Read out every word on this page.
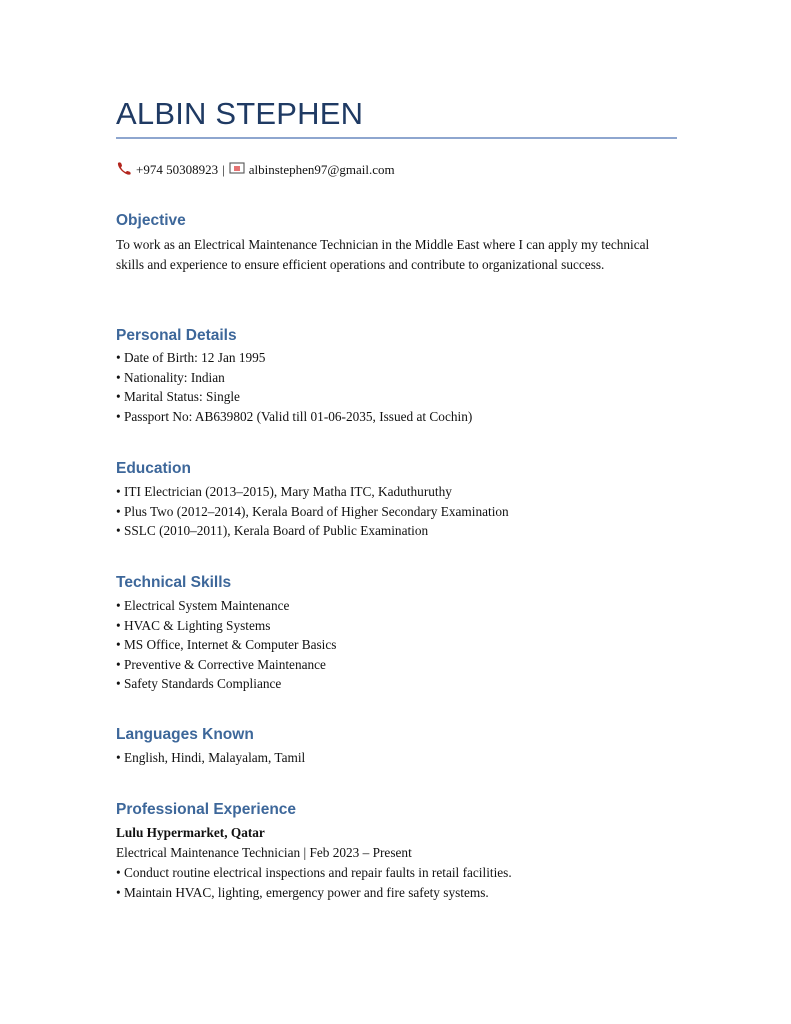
ALBIN STEPHEN
+974 50308923 | albinstephen97@gmail.com
Objective
To work as an Electrical Maintenance Technician in the Middle East where I can apply my technical skills and experience to ensure efficient operations and contribute to organizational success.
Personal Details
• Date of Birth: 12 Jan 1995
• Nationality: Indian
• Marital Status: Single
• Passport No: AB639802 (Valid till 01-06-2035, Issued at Cochin)
Education
• ITI Electrician (2013–2015), Mary Matha ITC, Kaduthuruthy
• Plus Two (2012–2014), Kerala Board of Higher Secondary Examination
• SSLC (2010–2011), Kerala Board of Public Examination
Technical Skills
• Electrical System Maintenance
• HVAC & Lighting Systems
• MS Office, Internet & Computer Basics
• Preventive & Corrective Maintenance
• Safety Standards Compliance
Languages Known
• English, Hindi, Malayalam, Tamil
Professional Experience
Lulu Hypermarket, Qatar
Electrical Maintenance Technician | Feb 2023 – Present
• Conduct routine electrical inspections and repair faults in retail facilities.
• Maintain HVAC, lighting, emergency power and fire safety systems.
